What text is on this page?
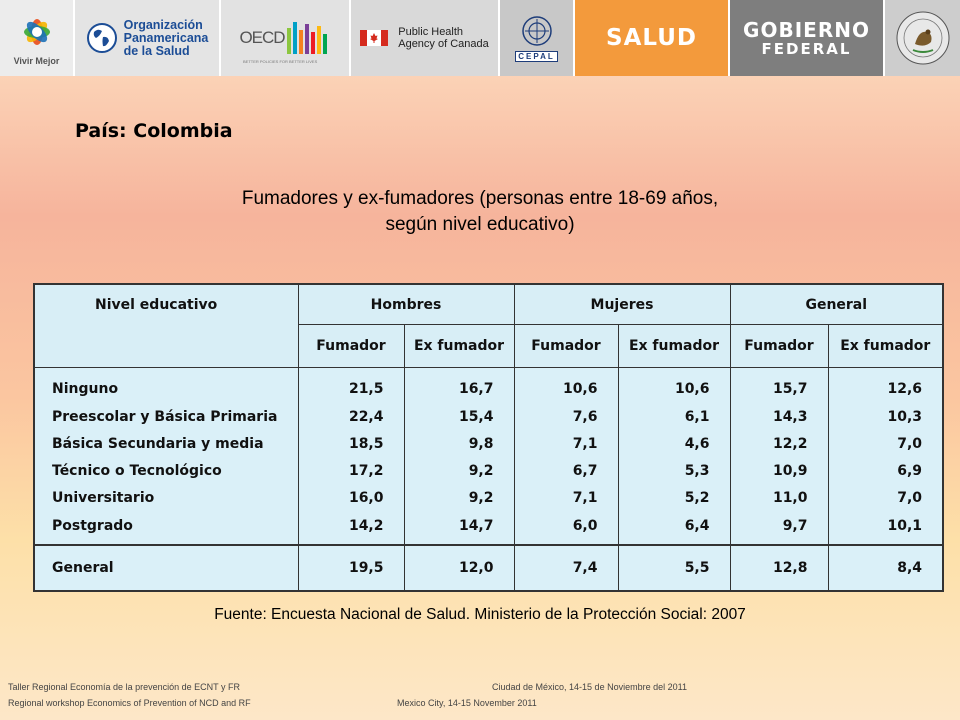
Vivir Mejor
Organización
Panamericana
de la Salud
OECD
BETTER POLICIES FOR BETTER LIVES
Public Health
Agency of Canada
CEPAL
SALUD GOBIERNO
FEDERAL
País: Colombia
Fumadores y ex-fumadores (personas entre 18-69 años,
según nivel educativo)
Nivel educativo	Hombres		Mujeres		General	
	Fumador	Ex fumador	Fumador	Ex fumador	Fumador	Ex fumador
Ninguno	21,5	16,7	10,6	10,6	15,7	12,6
Preescolar y Básica Primaria	22,4	15,4	7,6	6,1	14,3	10,3
Básica Secundaria y media	18,5	9,8	7,1	4,6	12,2	7,0
Técnico o Tecnológico	17,2	9,2	6,7	5,3	10,9	6,9
Universitario	16,0	9,2	7,1	5,2	11,0	7,0
Postgrado	14,2	14,7	6,0	6,4	9,7	10,1
General	19,5	12,0	7,4	5,5	12,8	8,4
Fuente: Encuesta Nacional de Salud. Ministerio de la Protección Social: 2007
Taller Regional Economía de la prevención de ECNT y FR
Regional workshop Economics of Prevention of NCD and RF
Ciudad de México, 14-15 de Noviembre del 2011
Mexico City, 14-15 November 2011
